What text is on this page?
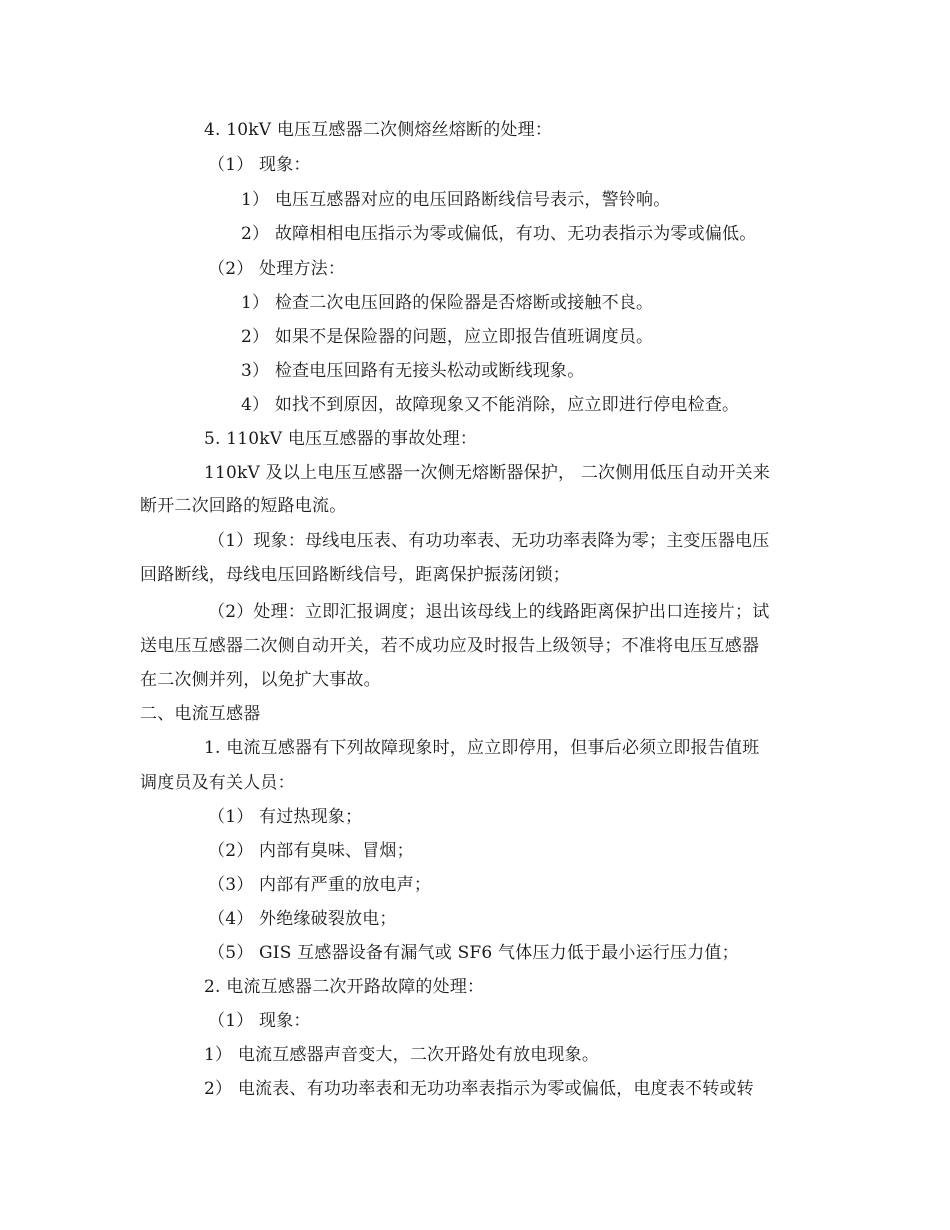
4. 10kV 电压互感器二次侧熔丝熔断的处理：
（1） 现象：
1） 电压互感器对应的电压回路断线信号表示，警铃响。
2） 故障相相电压指示为零或偏低，有功、无功表指示为零或偏低。
（2） 处理方法：
1） 检查二次电压回路的保险器是否熔断或接触不良。
2） 如果不是保险器的问题，应立即报告值班调度员。
3） 检查电压回路有无接头松动或断线现象。
4） 如找不到原因，故障现象又不能消除，应立即进行停电检查。
5. 110kV 电压互感器的事故处理：
110kV 及以上电压互感器一次侧无熔断器保护， 二次侧用低压自动开关来
断开二次回路的短路电流。
（1）现象：母线电压表、有功功率表、无功功率表降为零；主变压器电压
回路断线，母线电压回路断线信号，距离保护振荡闭锁；
（2）处理：立即汇报调度；退出该母线上的线路距离保护出口连接片；试
送电压互感器二次侧自动开关，若不成功应及时报告上级领导；不准将电压互感器
在二次侧并列，以免扩大事故。
二、电流互感器
1. 电流互感器有下列故障现象时，应立即停用，但事后必须立即报告值班
调度员及有关人员：
（1） 有过热现象；
（2） 内部有臭味、冒烟；
（3） 内部有严重的放电声；
（4） 外绝缘破裂放电；
（5） GIS 互感器设备有漏气或 SF6 气体压力低于最小运行压力值；
2. 电流互感器二次开路故障的处理：
（1） 现象：
1） 电流互感器声音变大，二次开路处有放电现象。
2） 电流表、有功功率表和无功功率表指示为零或偏低，电度表不转或转
